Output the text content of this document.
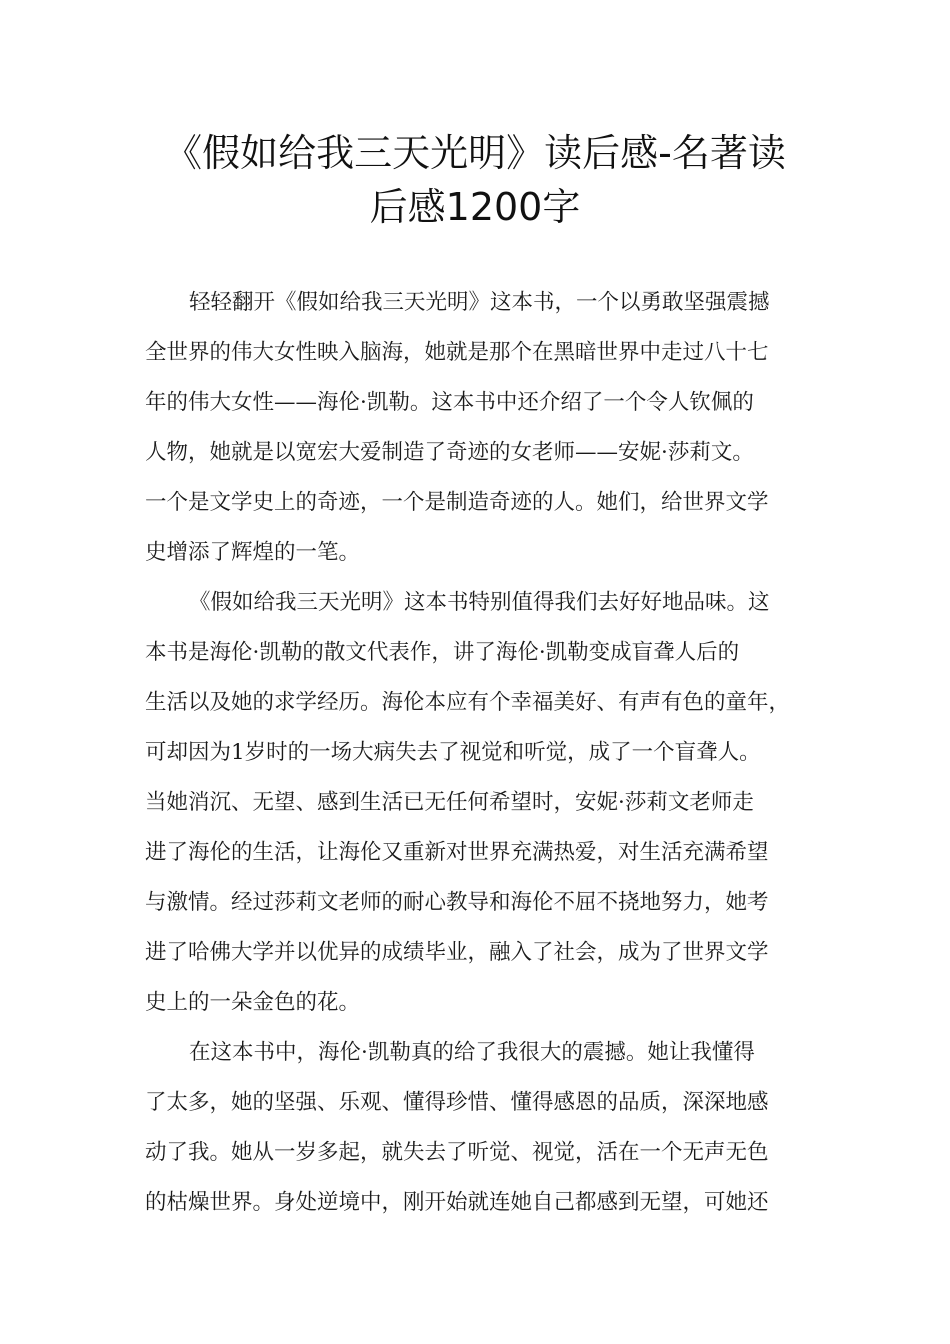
《假如给我三天光明》读后感-名著读
后感1200字
轻轻翻开《假如给我三天光明》这本书，一个以勇敢坚强震撼
全世界的伟大女性映入脑海，她就是那个在黑暗世界中走过八十七
年的伟大女性——海伦·凯勒。这本书中还介绍了一个令人钦佩的
人物，她就是以宽宏大爱制造了奇迹的女老师——安妮·莎莉文。
一个是文学史上的奇迹，一个是制造奇迹的人。她们，给世界文学
史增添了辉煌的一笔。
《假如给我三天光明》这本书特别值得我们去好好地品味。这
本书是海伦·凯勒的散文代表作，讲了海伦·凯勒变成盲聋人后的
生活以及她的求学经历。海伦本应有个幸福美好、有声有色的童年，
可却因为1岁时的一场大病失去了视觉和听觉，成了一个盲聋人。
当她消沉、无望、感到生活已无任何希望时，安妮·莎莉文老师走
进了海伦的生活，让海伦又重新对世界充满热爱，对生活充满希望
与激情。经过莎莉文老师的耐心教导和海伦不屈不挠地努力，她考
进了哈佛大学并以优异的成绩毕业，融入了社会，成为了世界文学
史上的一朵金色的花。
在这本书中，海伦·凯勒真的给了我很大的震撼。她让我懂得
了太多，她的坚强、乐观、懂得珍惜、懂得感恩的品质，深深地感
动了我。她从一岁多起，就失去了听觉、视觉，活在一个无声无色
的枯燥世界。身处逆境中，刚开始就连她自己都感到无望，可她还
